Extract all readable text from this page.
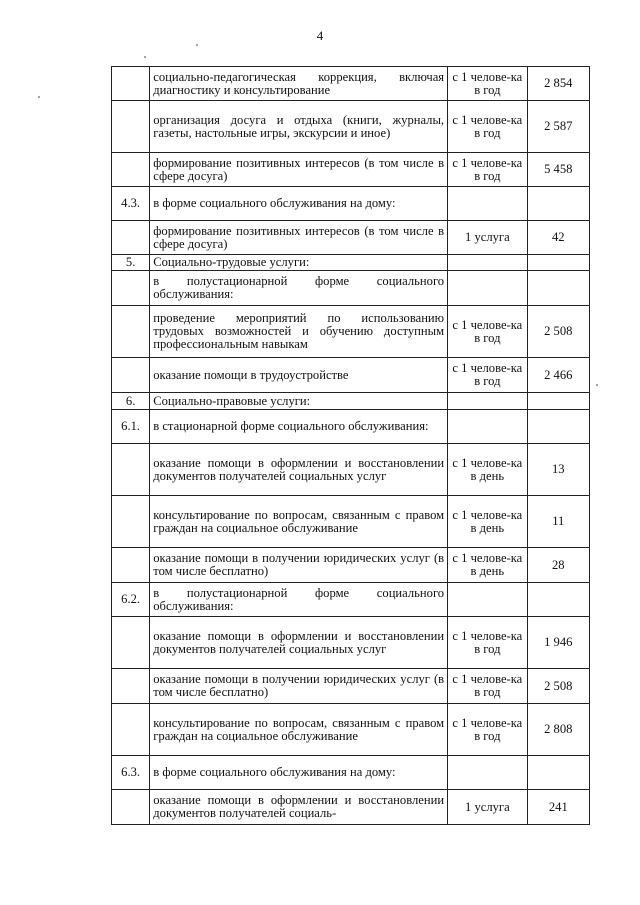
4
	социально-педагогическая коррекция, включая диагностику и консультирование	с 1 челове-ка в год	2 854
	организация досуга и отдыха (книги, журналы, газеты, настольные игры, экскурсии и иное)	с 1 челове-ка в год	2 587
	формирование позитивных интересов (в том числе в сфере досуга)	с 1 челове-ка в год	5 458
4.3.	в форме социального обслуживания на дому:		
	формирование позитивных интересов (в том числе в сфере досуга)	1 услуга	42
5.	Социально-трудовые услуги:		
	в полустационарной форме социального обслуживания:		
	проведение мероприятий по использованию трудовых возможностей и обучению доступным профессиональным навыкам	с 1 челове-ка в год	2 508
	оказание помощи в трудоустройстве	с 1 челове-ка в год	2 466
6.	Социально-правовые услуги:		
6.1.	в стационарной форме социального обслуживания:		
	оказание помощи в оформлении и восстановлении документов получателей социальных услуг	с 1 челове-ка в день	13
	консультирование по вопросам, связанным с правом граждан на социальное обслуживание	с 1 челове-ка в день	11
	оказание помощи в получении юридических услуг (в том числе бесплатно)	с 1 челове-ка в день	28
6.2.	в полустационарной форме социального обслуживания:		
	оказание помощи в оформлении и восстановлении документов получателей социальных услуг	с 1 челове-ка в год	1 946
	оказание помощи в получении юридических услуг (в том числе бесплатно)	с 1 челове-ка в год	2 508
	консультирование по вопросам, связанным с правом граждан на социальное обслуживание	с 1 челове-ка в год	2 808
6.3.	в форме социального обслуживания на дому:		
	оказание помощи в оформлении и восстановлении документов получателей социаль-	1 услуга	241
